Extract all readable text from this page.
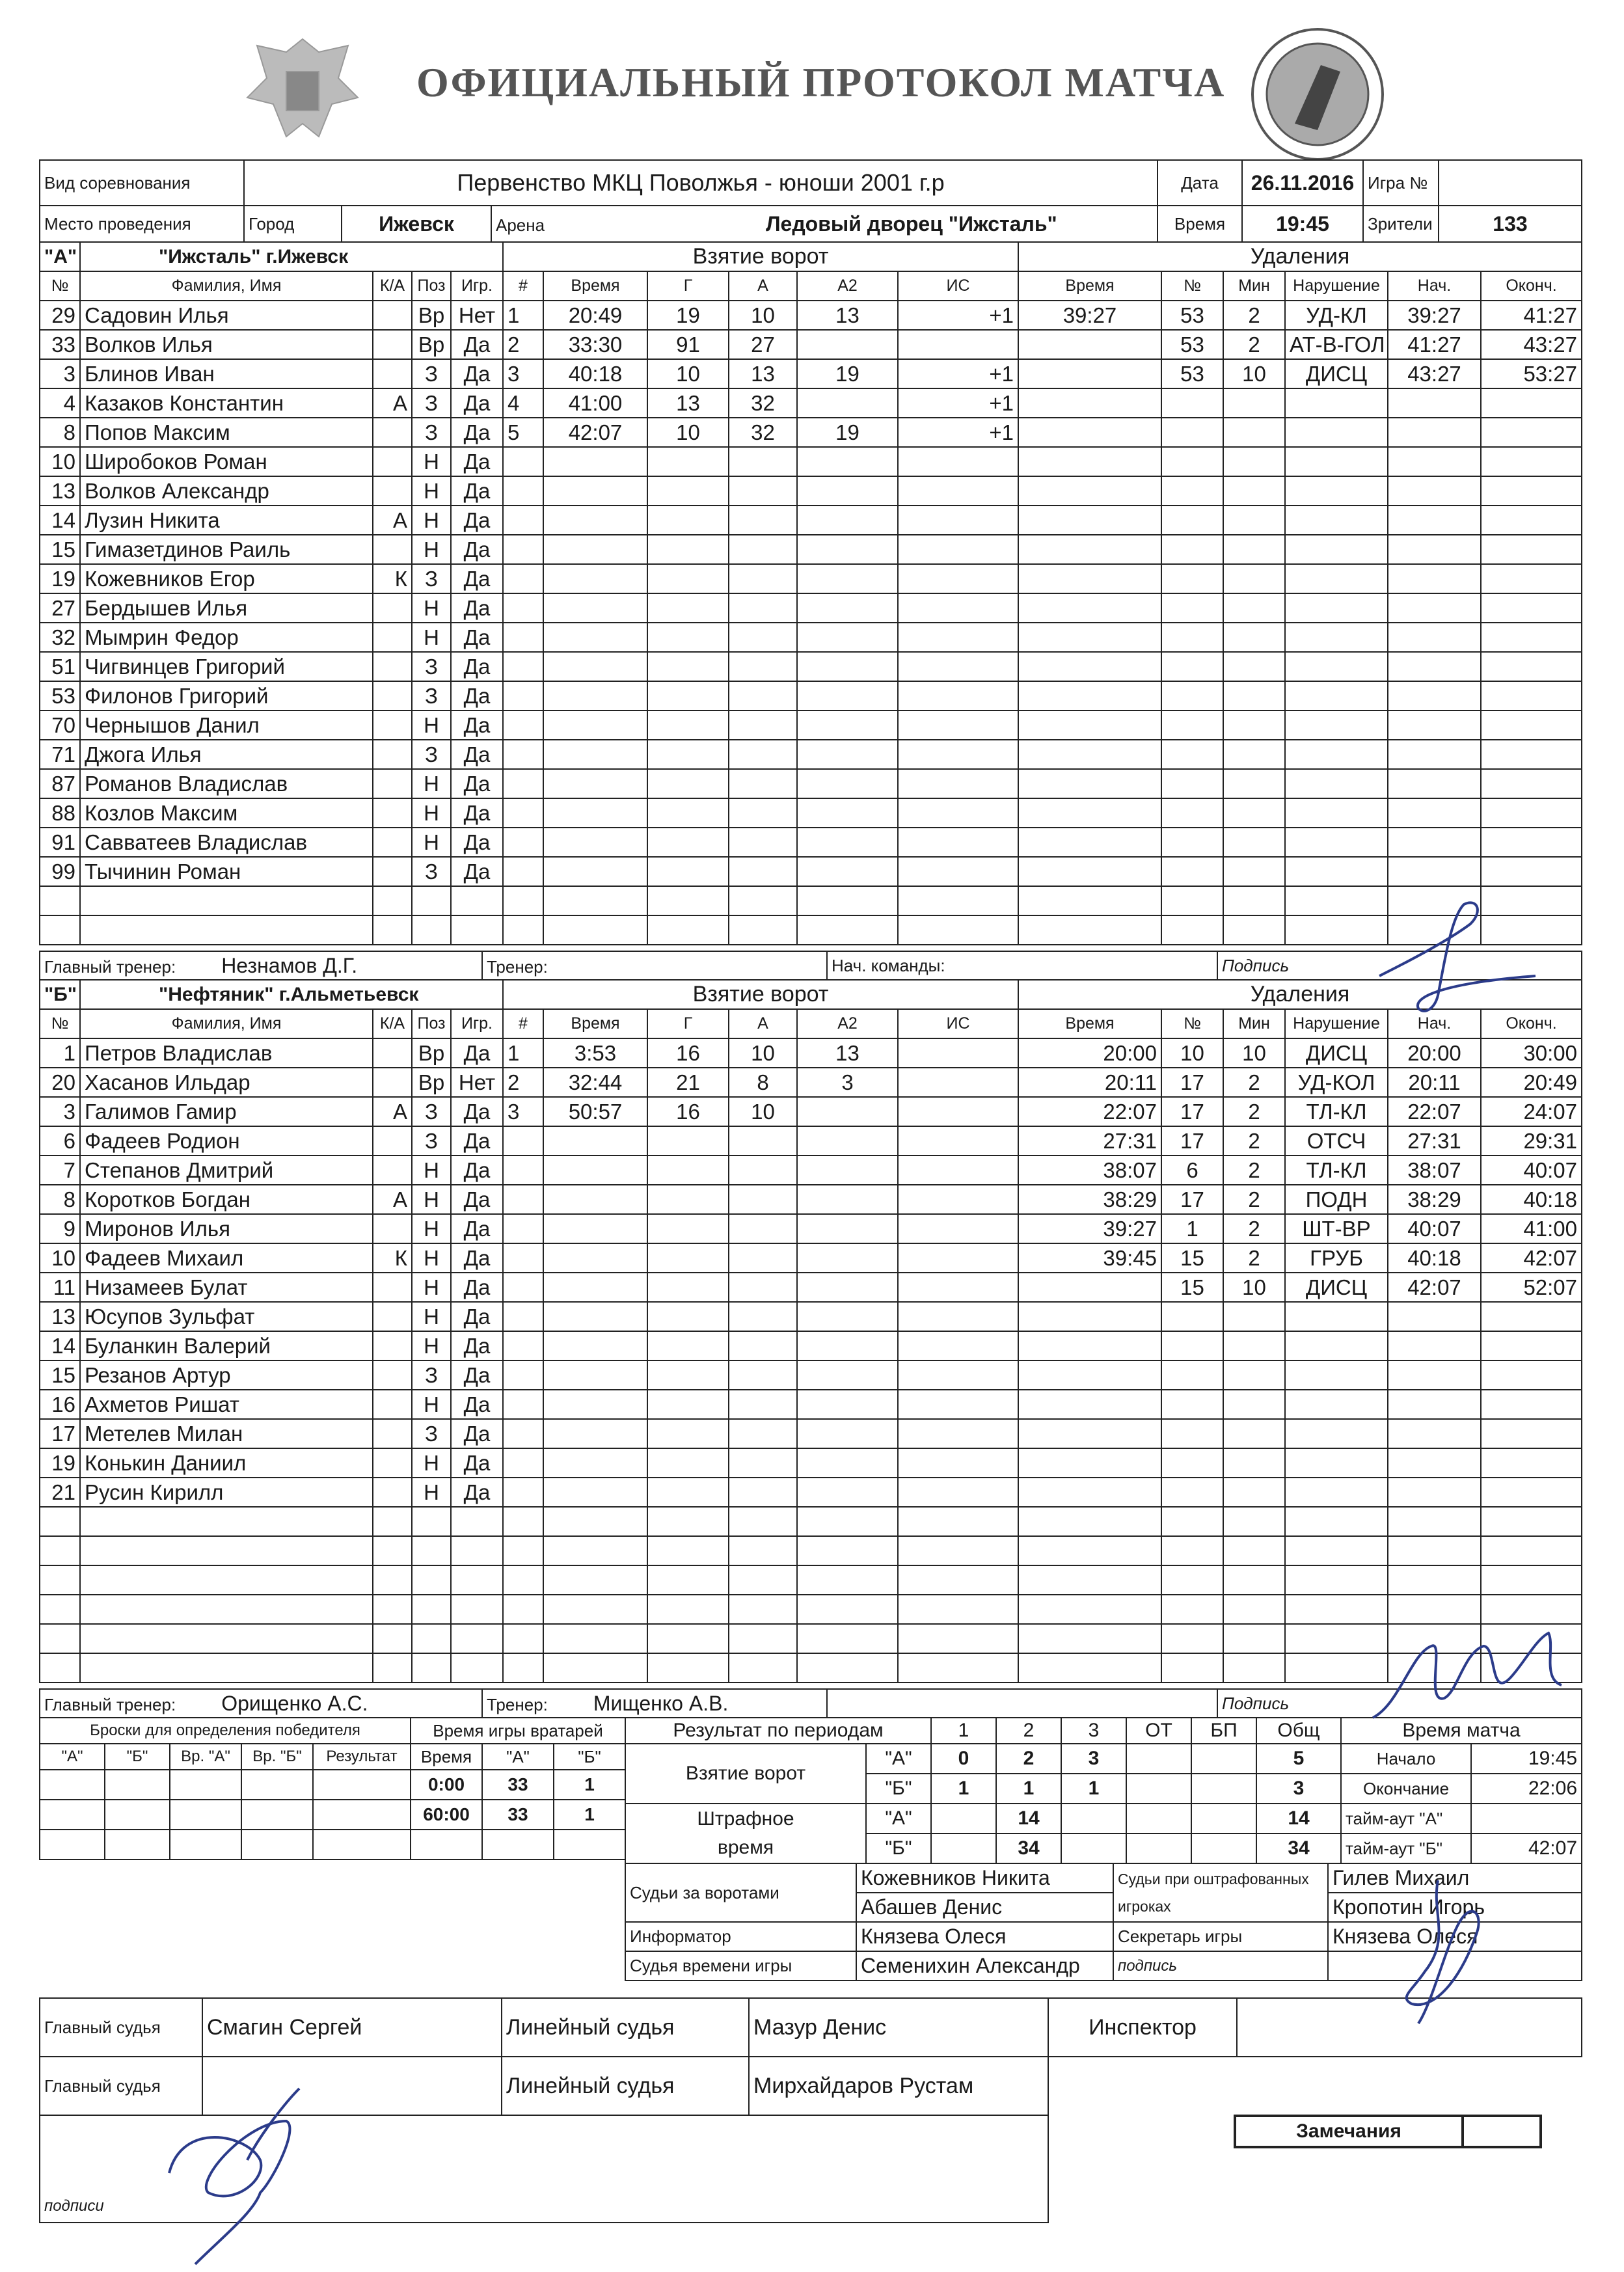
ОФИЦИАЛЬНЫЙ ПРОТОКОЛ МАТЧА
Вид соревнования	Первенство МКЦ Поволжья - юноши 2001 г.р	Дата	26.11.2016	Игра №	
Место проведения	Город	Ижевск	Арена	Ледовый дворец "Ижсталь"	Время	19:45	Зрители	133
"А"	"Ижсталь" г.Ижевск			
№	Фамилия, Имя	К/А	Поз	Игр.
29	Садовин Илья		Вр	Нет
33	Волков Илья		Вр	Да
3	Блинов Иван		З	Да
4	Казаков Константин	А	З	Да
8	Попов Максим		З	Да
10	Широбоков Роман		Н	Да
13	Волков Александр		Н	Да
14	Лузин Никита	А	Н	Да
15	Гимазетдинов Раиль		Н	Да
19	Кожевников Егор	К	З	Да
27	Бердышев Илья		Н	Да
32	Мымрин Федор		Н	Да
51	Чигвинцев Григорий		З	Да
53	Филонов Григорий		З	Да
70	Чернышов Данил		Н	Да
71	Джога Илья		З	Да
87	Романов Владислав		Н	Да
88	Козлов Максим		Н	Да
91	Савватеев Владислав		Н	Да
99	Тычинин Роман		З	Да

Взятие ворот					
#	Время	Г	А	А2	ИС
1	20:49	19	10	13	+1
2	33:30	91	27		
3	40:18	10	13	19	+1
4	41:00	13	32		+1
5	42:07	10	32	19	+1

Удаления					
Время	№	Мин	Нарушение	Нач.	Оконч.
39:27	53	2	УД-КЛ	39:27	41:27
	53	2	АТ-В-ГОЛ	41:27	43:27
	53	10	ДИСЦ	43:27	53:27

Главный тренер: Незнамов Д.Г.	Тренер:	Нач. команды:	Подпись
"Б"	"Нефтяник" г.Альметьевск			
№	Фамилия, Имя	К/А	Поз	Игр.
1	Петров Владислав		Вр	Да
20	Хасанов Ильдар		Вр	Нет
3	Галимов Гамир	А	З	Да
6	Фадеев Родион		З	Да
7	Степанов Дмитрий		Н	Да
8	Коротков Богдан	А	Н	Да
9	Миронов Илья		Н	Да
10	Фадеев Михаил	К	Н	Да
11	Низамеев Булат		Н	Да
13	Юсупов Зульфат		Н	Да
14	Буланкин Валерий		Н	Да
15	Резанов Артур		З	Да
16	Ахметов Ришат		Н	Да
17	Метелев Милан		З	Да
19	Конькин Даниил		Н	Да
21	Русин Кирилл		Н	Да

Взятие ворот					
#	Время	Г	А	А2	ИС
1	3:53	16	10	13	
2	32:44	21	8	3	
3	50:57	16	10		

Удаления					
Время	№	Мин	Нарушение	Нач.	Оконч.
20:00	10	10	ДИСЦ	20:00	30:00
20:11	17	2	УД-КОЛ	20:11	20:49
22:07	17	2	ТЛ-КЛ	22:07	24:07
27:31	17	2	ОТСЧ	27:31	29:31
38:07	6	2	ТЛ-КЛ	38:07	40:07
38:29	17	2	ПОДН	38:29	40:18
39:27	1	2	ШТ-ВР	40:07	41:00
39:45	15	2	ГРУБ	40:18	42:07
	15	10	ДИСЦ	42:07	52:07

Главный тренер: Орищенко А.С.	Тренер: Мищенко А.В.		Подпись
Броски для определения победителя				
"А"	"Б"	Вр. "А"	Вр. "Б"	Результат

Время игры вратарей		
Время	"А"	"Б"
0:00	33	1
60:00	33	1

Результат по периодам		1	2	3	ОТ	БП	Общ
Взятие ворот	"А"	0	2	3			5
	"Б"	1	1	1			3
Штрафное время	"А"		14				14
	"Б"		34				34
Время матча	
Начало	19:45
Окончание	22:06
тайм-аут "А"	
тайм-аут "Б"	42:07
Судьи за воротами	Кожевников Никита	Судьи при оштрафованных игроках	Гилев Михаил
	Абашев Денис		Кропотин Игорь
Информатор	Князева Олеся	Секретарь игры	Князева Олеся
Судья времени игры	Семенихин Александр	подпись	
Главный судья	Смагин Сергей	Линейный судья	Мазур Денис
Главный судья		Линейный судья	Мирхайдаров Рустам
подписи			
Инспектор	
Замечания	
